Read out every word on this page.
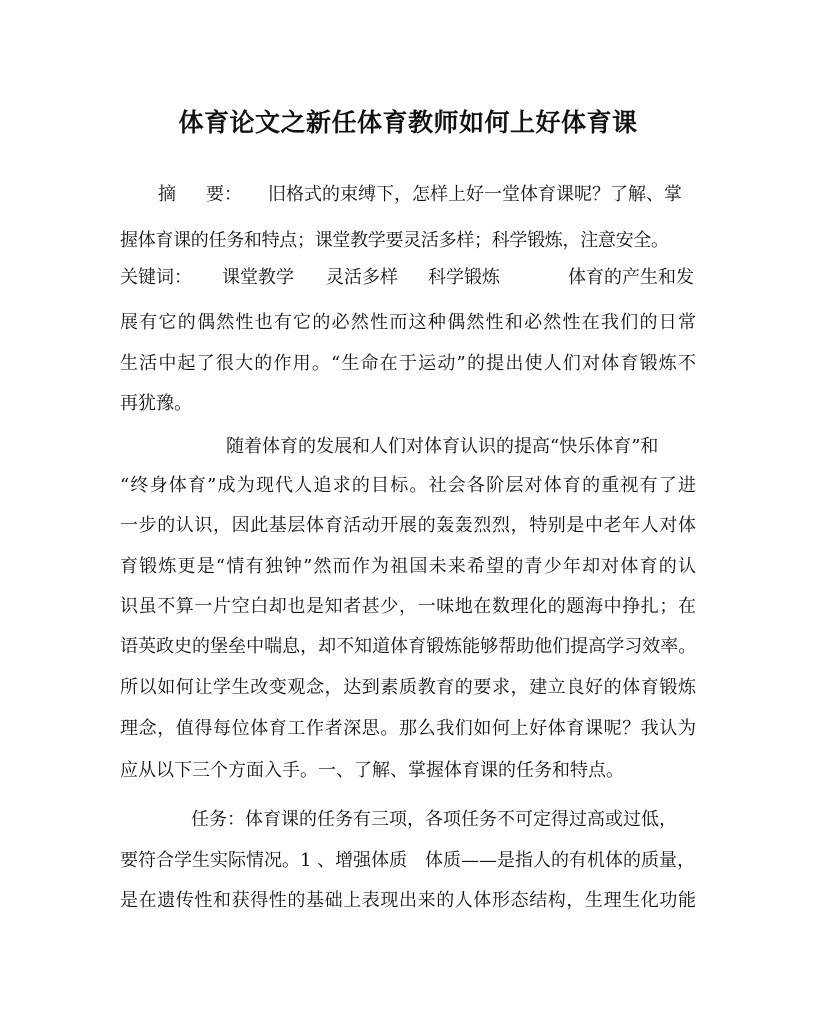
体育论文之新任体育教师如何上好体育课
摘 要： 旧格式的束缚下，怎样上好一堂体育课呢？了解、掌
握体育课的任务和特点；课堂教学要灵活多样；科学锻炼，注意安全。
关键词： 课堂教学 灵活多样 科学锻炼	体育的产生和发
展有它的偶然性也有它的必然性而这种偶然性和必然性在我们的日常
生活中起了很大的作用。“生命在于运动”的提出使人们对体育锻炼不
再犹豫。
随着体育的发展和人们对体育认识的提高“快乐体育”和
“终身体育”成为现代人追求的目标。社会各阶层对体育的重视有了进
一步的认识，因此基层体育活动开展的轰轰烈烈，特别是中老年人对体
育锻炼更是“情有独钟”然而作为祖国未来希望的青少年却对体育的认
识虽不算一片空白却也是知者甚少，一味地在数理化的题海中挣扎；在
语英政史的堡垒中喘息，却不知道体育锻炼能够帮助他们提高学习效率。
所以如何让学生改变观念，达到素质教育的要求，建立良好的体育锻炼
理念，值得每位体育工作者深思。那么我们如何上好体育课呢？我认为
应从以下三个方面入手。一、了解、掌握体育课的任务和特点。
任务：体育课的任务有三项，各项任务不可定得过高或过低，
要符合学生实际情况。1 、增强体质 体质——是指人的有机体的质量，
是在遗传性和获得性的基础上表现出来的人体形态结构，生理生化功能
